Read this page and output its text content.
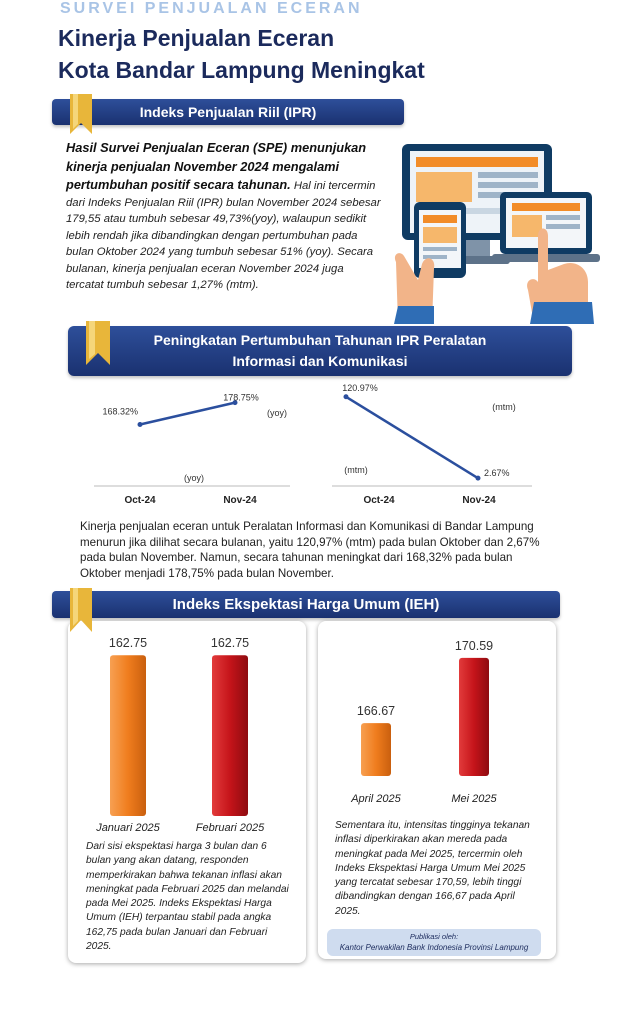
SURVEI PENJUALAN ECERAN
Kinerja Penjualan Eceran
Kota Bandar Lampung Meningkat
Indeks Penjualan Riil (IPR)
Hasil Survei Penjualan Eceran (SPE) menunjukan kinerja penjualan November 2024 mengalami pertumbuhan positif secara tahunan. Hal ini tercermin dari Indeks Penjualan Riil (IPR) bulan November 2024 sebesar 179,55 atau tumbuh sebesar 49,73%(yoy), walaupun sedikit lebih rendah jika dibandingkan dengan pertumbuhan pada bulan Oktober 2024 yang tumbuh sebesar 51% (yoy). Secara bulanan, kinerja penjualan eceran November 2024 juga tercatat tumbuh sebesar 1,27% (mtm).
Peningkatan Pertumbuhan Tahunan IPR Peralatan
Informasi dan Komunikasi
168.32%
178.75%
(yoy)
(yoy)
Oct-24	Nov-24
120.97%
2.67%
(mtm)
(mtm)
Oct-24	Nov-24
Kinerja penjualan eceran untuk Peralatan Informasi dan Komunikasi di Bandar Lampung menurun jika dilihat secara bulanan, yaitu 120,97% (mtm) pada bulan Oktober dan 2,67% pada bulan November. Namun, secara tahunan meningkat dari 168,32% pada bulan Oktober menjadi 178,75% pada bulan November.
Indeks Ekspektasi Harga Umum (IEH)
162.75	162.75
Januari 2025	Februari 2025
166.67
170.59
April 2025	Mei 2025
Dari sisi ekspektasi harga 3 bulan dan 6 bulan yang akan datang, responden memperkirakan bahwa tekanan inflasi akan meningkat pada Februari 2025 dan melandai pada Mei 2025. Indeks Ekspektasi Harga Umum (IEH) terpantau stabil pada angka 162,75 pada bulan Januari dan Februari 2025.
Sementara itu, intensitas tingginya tekanan inflasi diperkirakan akan mereda pada meningkat pada Mei 2025, tercermin oleh Indeks Ekspektasi Harga Umum Mei 2025 yang tercatat sebesar 170,59, lebih tinggi dibandingkan dengan 166,67 pada April 2025.
Publikasi oleh:
Kantor Perwakilan Bank Indonesia Provinsi Lampung
